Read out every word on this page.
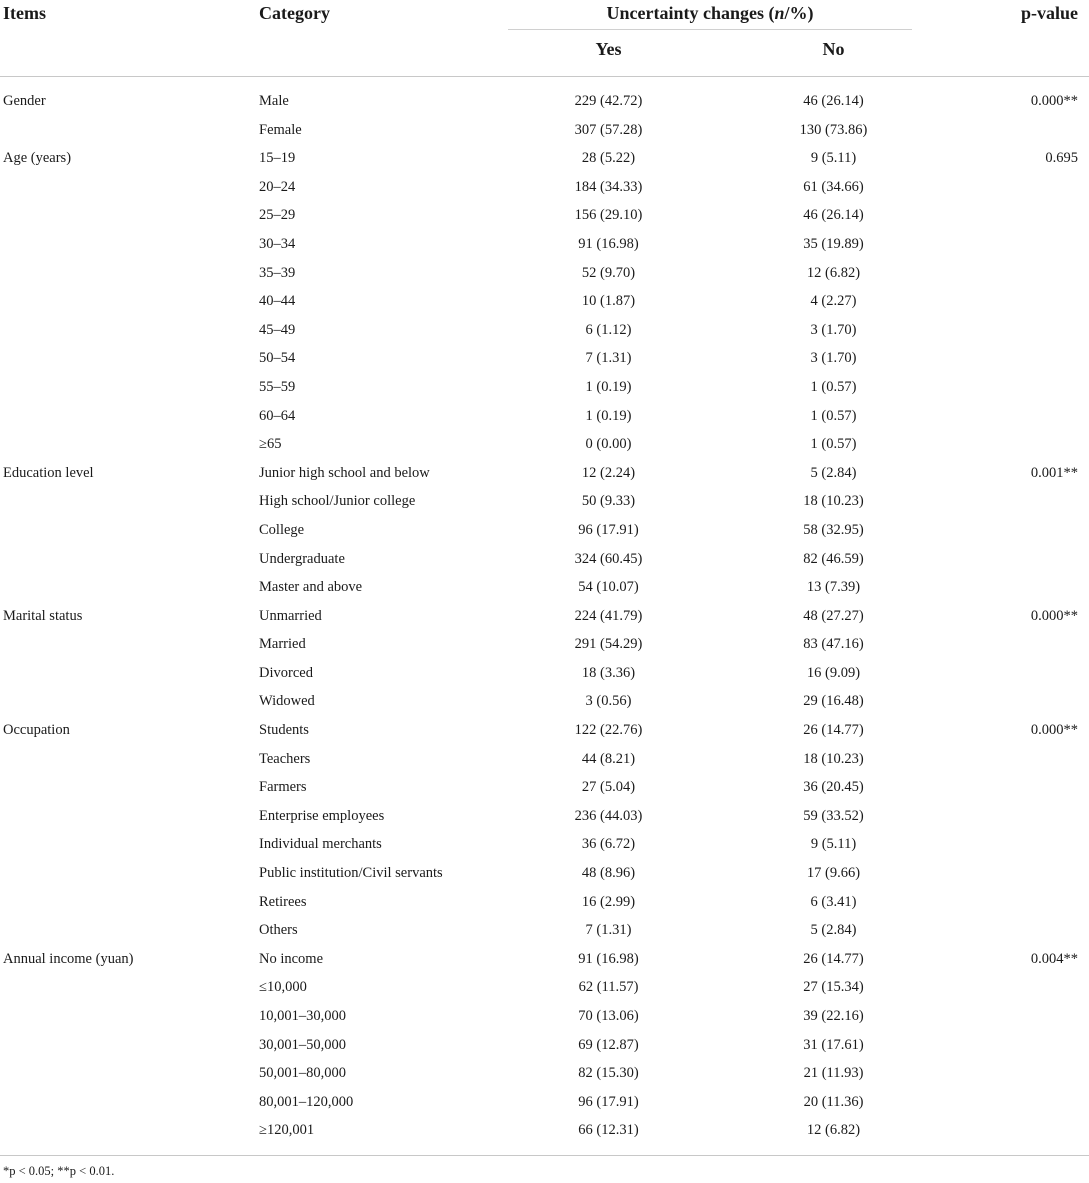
Items	Category	Uncertainty changes (n/%)	p-value
Yes	No
Gender	Male	229 (42.72)	46 (26.14)	0.000**
Female	307 (57.28)	130 (73.86)
Age (years)	15–19	28 (5.22)	9 (5.11)	0.695
20–24	184 (34.33)	61 (34.66)
25–29	156 (29.10)	46 (26.14)
30–34	91 (16.98)	35 (19.89)
35–39	52 (9.70)	12 (6.82)
40–44	10 (1.87)	4 (2.27)
45–49	6 (1.12)	3 (1.70)
50–54	7 (1.31)	3 (1.70)
55–59	1 (0.19)	1 (0.57)
60–64	1 (0.19)	1 (0.57)
≥65	0 (0.00)	1 (0.57)
Education level	Junior high school and below	12 (2.24)	5 (2.84)	0.001**
High school/Junior college	50 (9.33)	18 (10.23)
College	96 (17.91)	58 (32.95)
Undergraduate	324 (60.45)	82 (46.59)
Master and above	54 (10.07)	13 (7.39)
Marital status	Unmarried	224 (41.79)	48 (27.27)	0.000**
Married	291 (54.29)	83 (47.16)
Divorced	18 (3.36)	16 (9.09)
Widowed	3 (0.56)	29 (16.48)
Occupation	Students	122 (22.76)	26 (14.77)	0.000**
Teachers	44 (8.21)	18 (10.23)
Farmers	27 (5.04)	36 (20.45)
Enterprise employees	236 (44.03)	59 (33.52)
Individual merchants	36 (6.72)	9 (5.11)
Public institution/Civil servants	48 (8.96)	17 (9.66)
Retirees	16 (2.99)	6 (3.41)
Others	7 (1.31)	5 (2.84)
Annual income (yuan)	No income	91 (16.98)	26 (14.77)	0.004**
≤10,000	62 (11.57)	27 (15.34)
10,001–30,000	70 (13.06)	39 (22.16)
30,001–50,000	69 (12.87)	31 (17.61)
50,001–80,000	82 (15.30)	21 (11.93)
80,001–120,000	96 (17.91)	20 (11.36)
≥120,001	66 (12.31)	12 (6.82)
*p < 0.05; **p < 0.01.
